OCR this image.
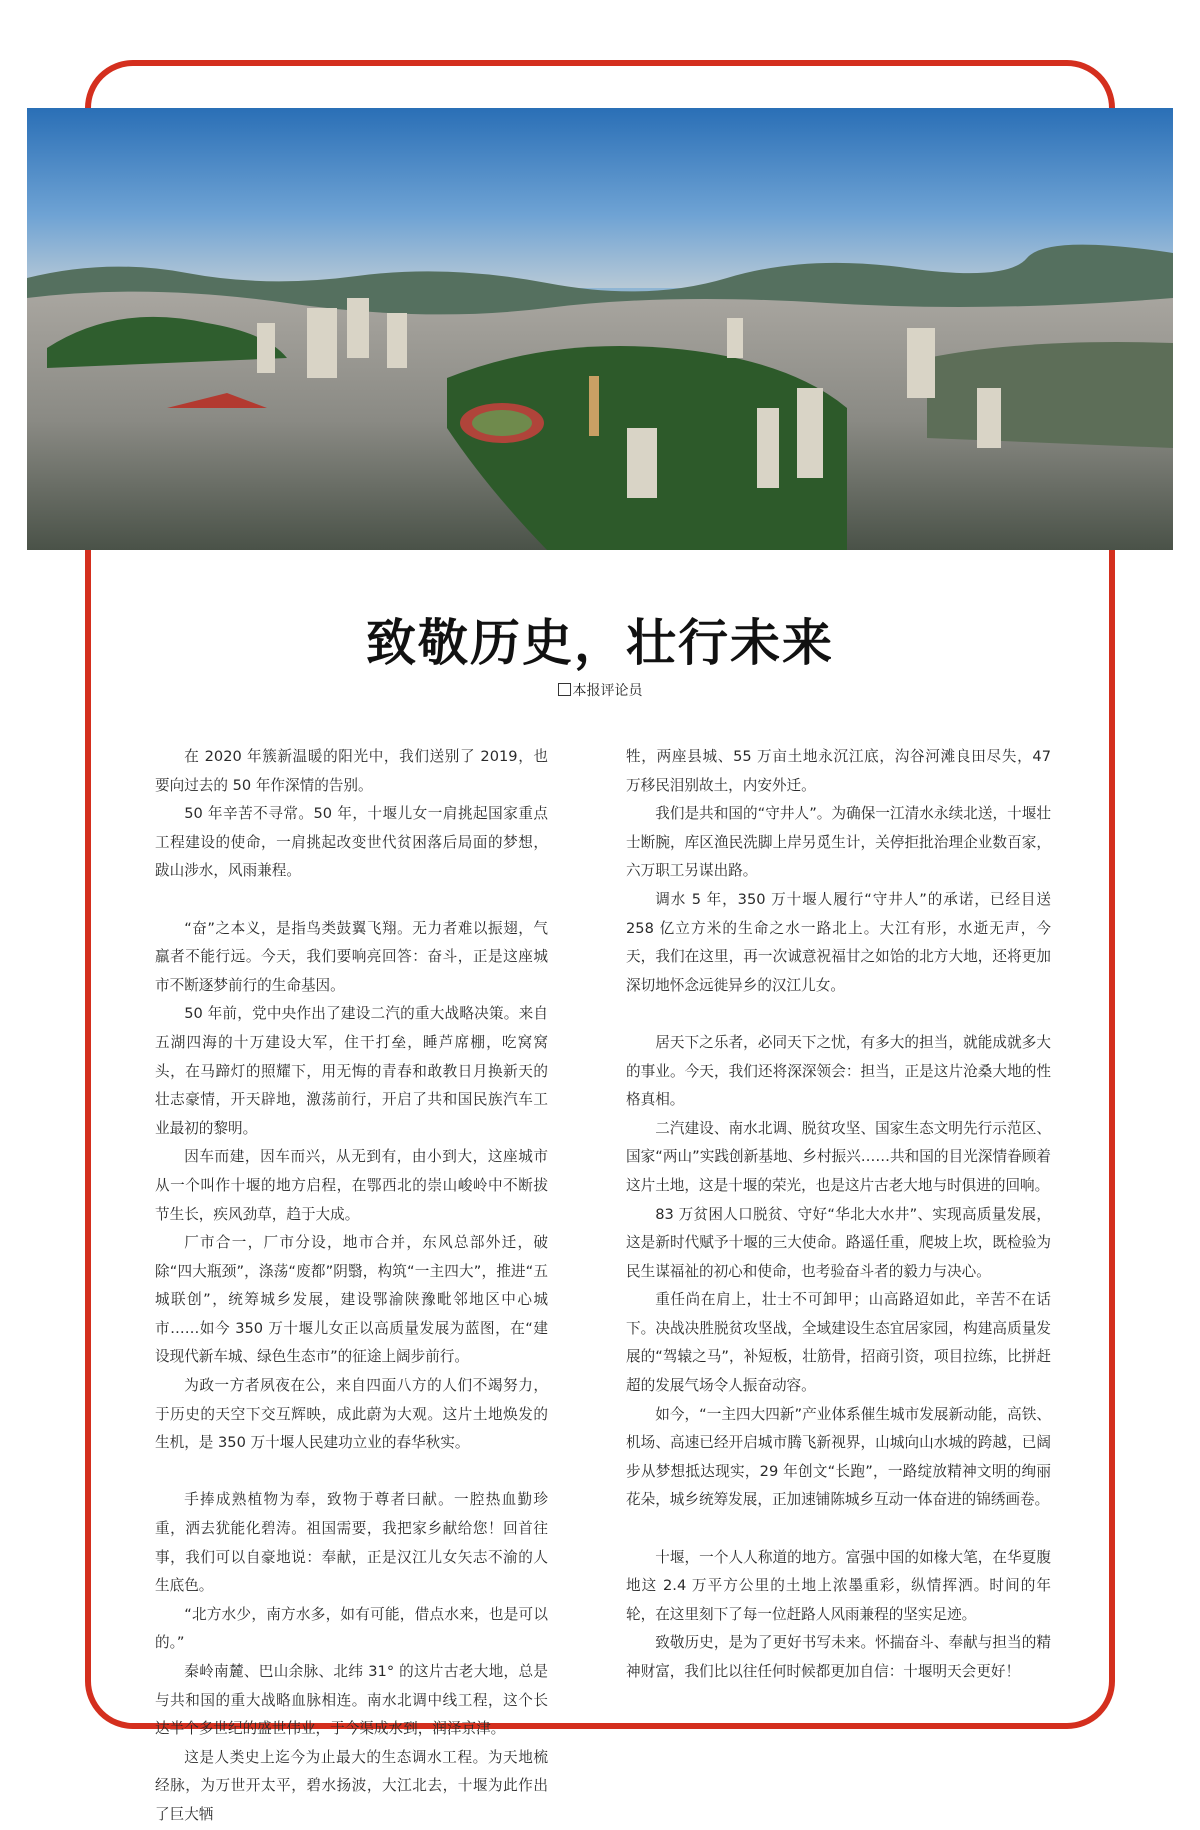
致敬历史，壮行未来
本报评论员

在 2020 年簇新温暖的阳光中，我们送别了 2019，也要向过去的 50 年作深情的告别。

50 年辛苦不寻常。50 年，十堰儿女一肩挑起国家重点工程建设的使命，一肩挑起改变世代贫困落后局面的梦想，跋山涉水，风雨兼程。

“奋”之本义，是指鸟类鼓翼飞翔。无力者难以振翅，气羸者不能行远。今天，我们要响亮回答：奋斗，正是这座城市不断逐梦前行的生命基因。

50 年前，党中央作出了建设二汽的重大战略决策。来自五湖四海的十万建设大军，住干打垒，睡芦席棚，吃窝窝头，在马蹄灯的照耀下，用无悔的青春和敢教日月换新天的壮志豪情，开天辟地，激荡前行，开启了共和国民族汽车工业最初的黎明。

因车而建，因车而兴，从无到有，由小到大，这座城市从一个叫作十堰的地方启程，在鄂西北的崇山峻岭中不断拔节生长，疾风劲草，趋于大成。

厂市合一，厂市分设，地市合并，东风总部外迁，破除“四大瓶颈”，涤荡“废都”阴翳，构筑“一主四大”，推进“五城联创”，统筹城乡发展，建设鄂渝陕豫毗邻地区中心城市……如今 350 万十堰儿女正以高质量发展为蓝图，在“建设现代新车城、绿色生态市”的征途上阔步前行。

为政一方者夙夜在公，来自四面八方的人们不竭努力，于历史的天空下交互辉映，成此蔚为大观。这片土地焕发的生机，是 350 万十堰人民建功立业的春华秋实。

手捧成熟植物为奉，致物于尊者曰献。一腔热血勤珍重，洒去犹能化碧涛。祖国需要，我把家乡献给您！回首往事，我们可以自豪地说：奉献，正是汉江儿女矢志不渝的人生底色。

“北方水少，南方水多，如有可能，借点水来，也是可以的。”

秦岭南麓、巴山余脉、北纬 31° 的这片古老大地，总是与共和国的重大战略血脉相连。南水北调中线工程，这个长达半个多世纪的盛世伟业，于今渠成水到，润泽京津。

这是人类史上迄今为止最大的生态调水工程。为天地梳经脉，为万世开太平，碧水扬波，大江北去，十堰为此作出了巨大牺

牲，两座县城、55 万亩土地永沉江底，沟谷河滩良田尽失，47 万移民泪别故土，内安外迁。

我们是共和国的“守井人”。为确保一江清水永续北送，十堰壮士断腕，库区渔民洗脚上岸另觅生计，关停拒批治理企业数百家，六万职工另谋出路。

调水 5 年，350 万十堰人履行“守井人”的承诺，已经目送 258 亿立方米的生命之水一路北上。大江有形，水逝无声，今天，我们在这里，再一次诚意祝福甘之如饴的北方大地，还将更加深切地怀念远徙异乡的汉江儿女。

居天下之乐者，必同天下之忧，有多大的担当，就能成就多大的事业。今天，我们还将深深领会：担当，正是这片沧桑大地的性格真相。

二汽建设、南水北调、脱贫攻坚、国家生态文明先行示范区、国家“两山”实践创新基地、乡村振兴……共和国的目光深情眷顾着这片土地，这是十堰的荣光，也是这片古老大地与时俱进的回响。

83 万贫困人口脱贫、守好“华北大水井”、实现高质量发展，这是新时代赋予十堰的三大使命。路遥任重，爬坡上坎，既检验为民生谋福祉的初心和使命，也考验奋斗者的毅力与决心。

重任尚在肩上，壮士不可卸甲；山高路迢如此，辛苦不在话下。决战决胜脱贫攻坚战，全域建设生态宜居家园，构建高质量发展的“驾辕之马”，补短板，壮筋骨，招商引资，项目拉练，比拼赶超的发展气场令人振奋动容。

如今，“一主四大四新”产业体系催生城市发展新动能，高铁、机场、高速已经开启城市腾飞新视界，山城向山水城的跨越，已阔步从梦想抵达现实，29 年创文“长跑”，一路绽放精神文明的绚丽花朵，城乡统筹发展，正加速铺陈城乡互动一体奋进的锦绣画卷。

十堰，一个人人称道的地方。富强中国的如椽大笔，在华夏腹地这 2.4 万平方公里的土地上浓墨重彩，纵情挥洒。时间的年轮，在这里刻下了每一位赶路人风雨兼程的坚实足迹。

致敬历史，是为了更好书写未来。怀揣奋斗、奉献与担当的精神财富，我们比以往任何时候都更加自信：十堰明天会更好！
